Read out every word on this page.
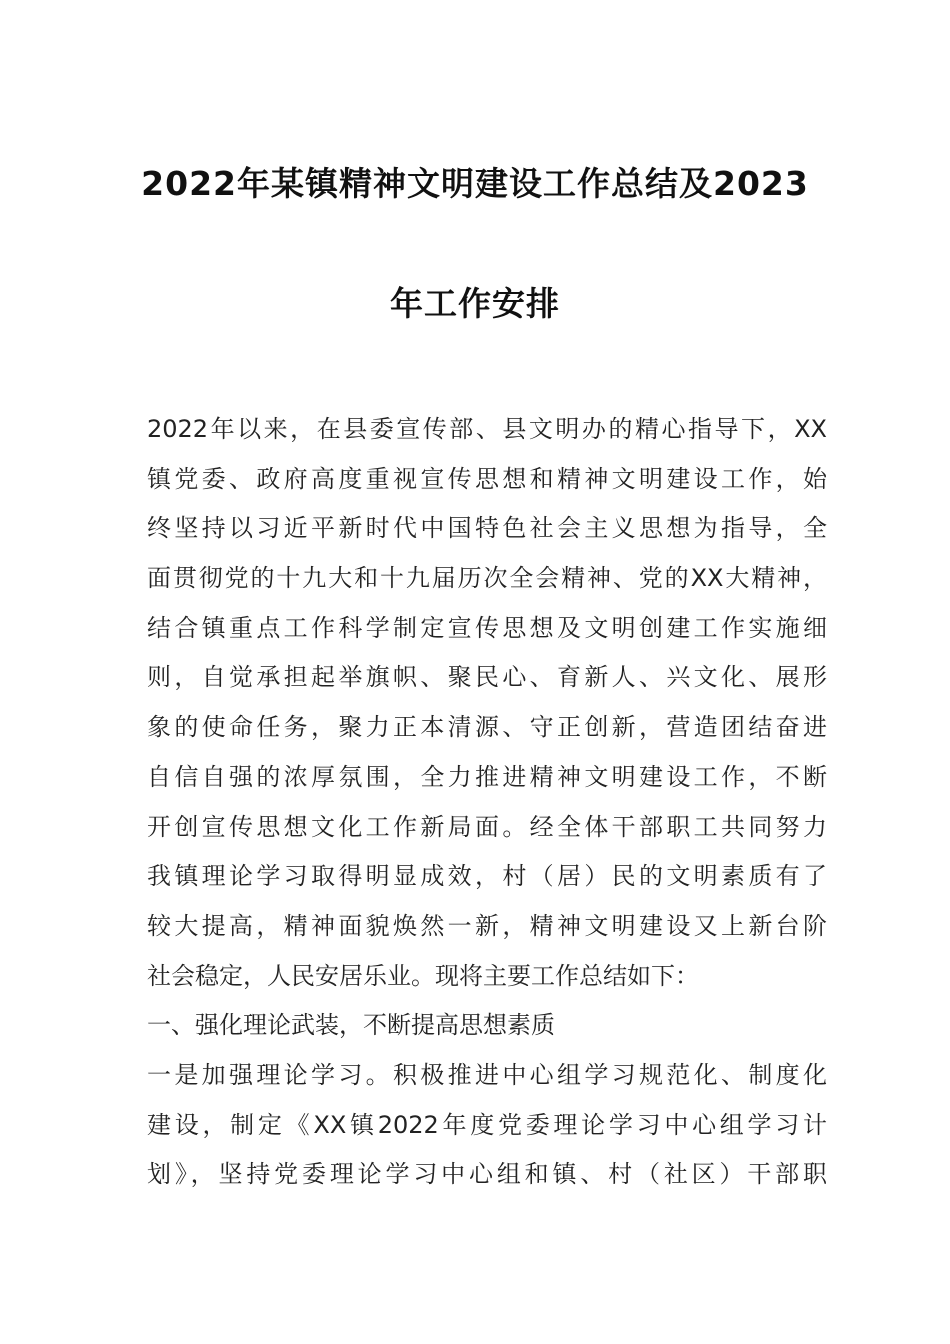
2022年某镇精神文明建设工作总结及2023
年工作安排
2022年以来，在县委宣传部、县文明办的精心指导下，XX
镇党委、政府高度重视宣传思想和精神文明建设工作，始
终坚持以习近平新时代中国特色社会主义思想为指导，全
面贯彻党的十九大和十九届历次全会精神、党的XX大精神，
结合镇重点工作科学制定宣传思想及文明创建工作实施细
则，自觉承担起举旗帜、聚民心、育新人、兴文化、展形
象的使命任务，聚力正本清源、守正创新，营造团结奋进
自信自强的浓厚氛围，全力推进精神文明建设工作，不断
开创宣传思想文化工作新局面。经全体干部职工共同努力
我镇理论学习取得明显成效，村（居）民的文明素质有了
较大提高，精神面貌焕然一新，精神文明建设又上新台阶
社会稳定，人民安居乐业。现将主要工作总结如下：
一、强化理论武装，不断提高思想素质
一是加强理论学习。积极推进中心组学习规范化、制度化
建设，制定《XX镇2022年度党委理论学习中心组学习计
划》，坚持党委理论学习中心组和镇、村（社区）干部职
